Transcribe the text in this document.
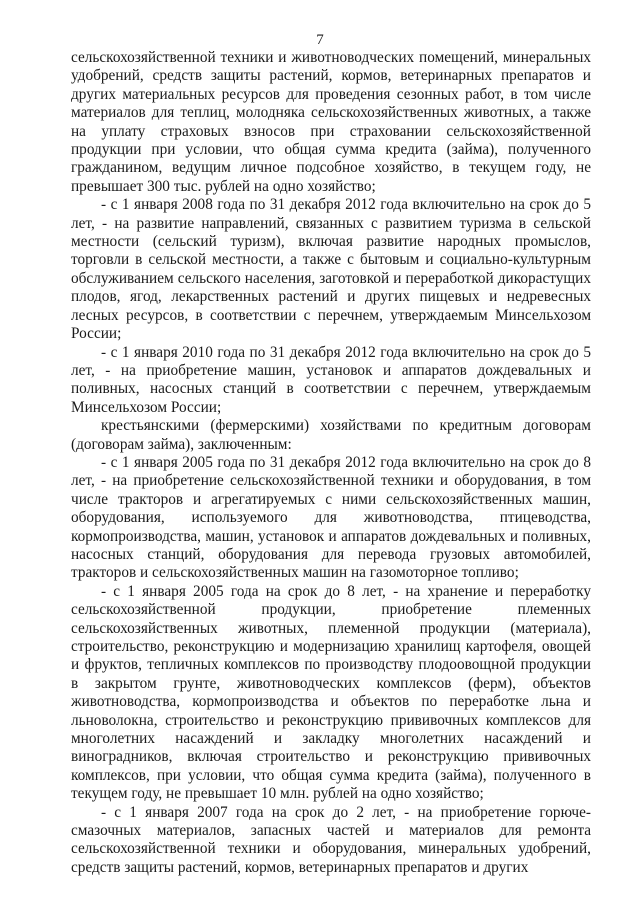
7

сельскохозяйственной техники и животноводческих помещений, минеральных удобрений, средств защиты растений, кормов, ветеринарных препаратов и других материальных ресурсов для проведения сезонных работ, в том числе материалов для теплиц, молодняка сельскохозяйственных животных, а также на уплату страховых взносов при страховании сельскохозяйственной продукции при условии, что общая сумма кредита (займа), полученного гражданином, ведущим личное подсобное хозяйство, в текущем году, не превышает 300 тыс. рублей на одно хозяйство;

- с 1 января 2008 года по 31 декабря 2012 года включительно на срок до 5 лет, - на развитие направлений, связанных с развитием туризма в сельской местности (сельский туризм), включая развитие народных промыслов, торговли в сельской местности, а также с бытовым и социально-культурным обслуживанием сельского населения, заготовкой и переработкой дикорастущих плодов, ягод, лекарственных растений и других пищевых и недревесных лесных ресурсов, в соответствии с перечнем, утверждаемым Минсельхозом России;

- с 1 января 2010 года по 31 декабря 2012 года включительно на срок до 5 лет, - на приобретение машин, установок и аппаратов дождевальных и поливных, насосных станций в соответствии с перечнем, утверждаемым Минсельхозом России;

крестьянскими (фермерскими) хозяйствами по кредитным договорам (договорам займа), заключенным:

- с 1 января 2005 года по 31 декабря 2012 года включительно на срок до 8 лет, - на приобретение сельскохозяйственной техники и оборудования, в том числе тракторов и агрегатируемых с ними сельскохозяйственных машин, оборудования, используемого для животноводства, птицеводства, кормопроизводства, машин, установок и аппаратов дождевальных и поливных, насосных станций, оборудования для перевода грузовых автомобилей, тракторов и сельскохозяйственных машин на газомоторное топливо;

- с 1 января 2005 года на срок до 8 лет, - на хранение и переработку сельскохозяйственной продукции, приобретение племенных сельскохозяйственных животных, племенной продукции (материала), строительство, реконструкцию и модернизацию хранилищ картофеля, овощей и фруктов, тепличных комплексов по производству плодоовощной продукции в закрытом грунте, животноводческих комплексов (ферм), объектов животноводства, кормопроизводства и объектов по переработке льна и льноволокна, строительство и реконструкцию прививочных комплексов для многолетних насаждений и закладку многолетних насаждений и виноградников, включая строительство и реконструкцию прививочных комплексов, при условии, что общая сумма кредита (займа), полученного в текущем году, не превышает 10 млн. рублей на одно хозяйство;

- с 1 января 2007 года на срок до 2 лет, - на приобретение горюче-смазочных материалов, запасных частей и материалов для ремонта сельскохозяйственной техники и оборудования, минеральных удобрений, средств защиты растений, кормов, ветеринарных препаратов и других
